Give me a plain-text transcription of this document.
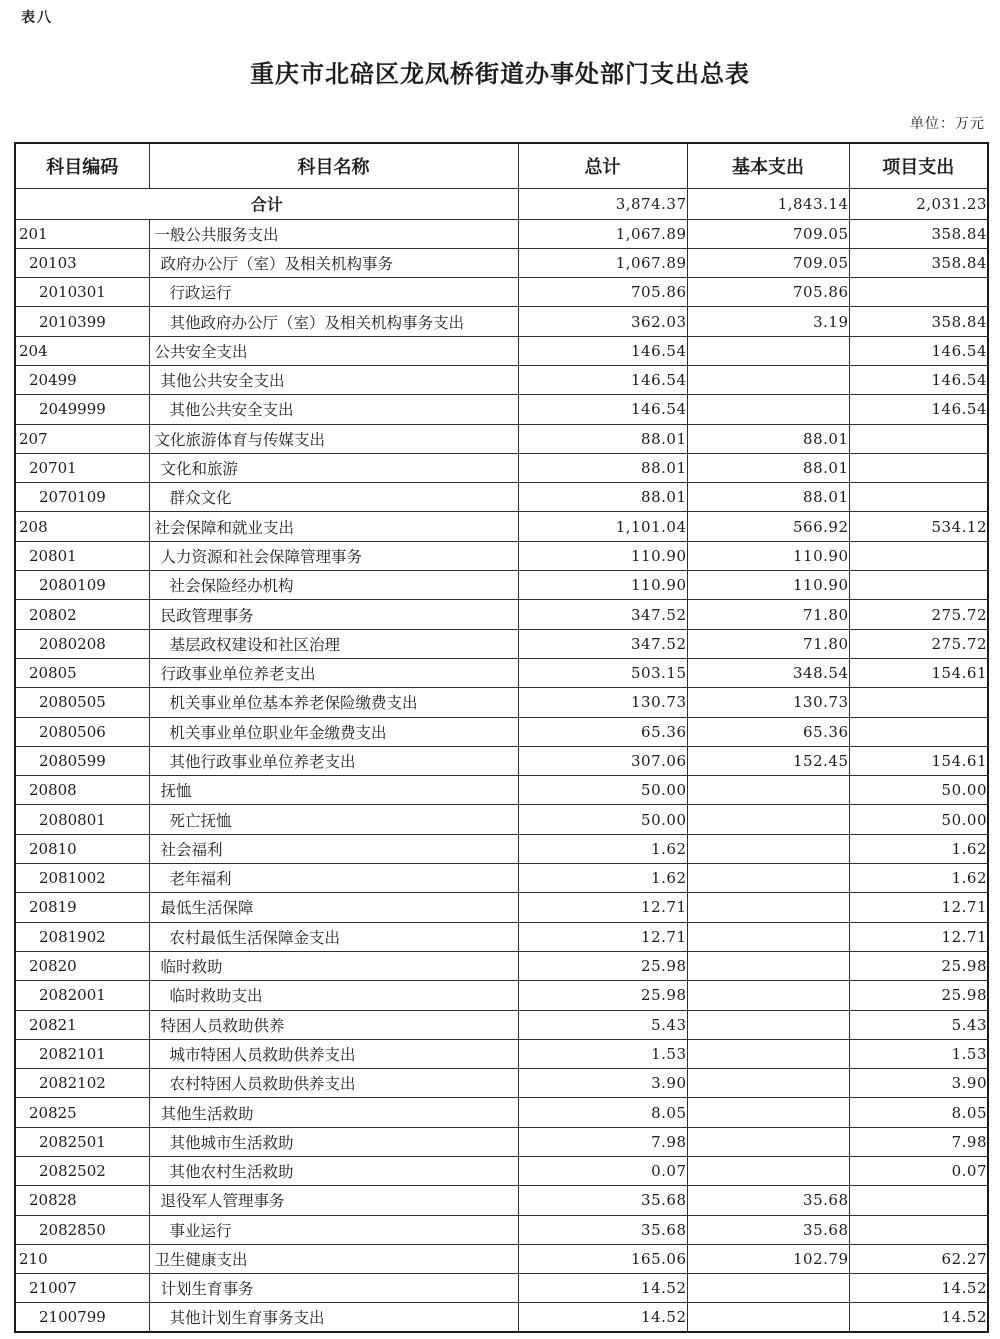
表八
重庆市北碚区龙凤桥街道办事处部门支出总表
单位：万元
科目编码	科目名称	总计	基本支出	项目支出
合计		3,874.37	1,843.14	2,031.23
201	一般公共服务支出	1,067.89	709.05	358.84
20103	政府办公厅（室）及相关机构事务	1,067.89	709.05	358.84
2010301	行政运行	705.86	705.86	
2010399	其他政府办公厅（室）及相关机构事务支出	362.03	3.19	358.84
204	公共安全支出	146.54		146.54
20499	其他公共安全支出	146.54		146.54
2049999	其他公共安全支出	146.54		146.54
207	文化旅游体育与传媒支出	88.01	88.01	
20701	文化和旅游	88.01	88.01	
2070109	群众文化	88.01	88.01	
208	社会保障和就业支出	1,101.04	566.92	534.12
20801	人力资源和社会保障管理事务	110.90	110.90	
2080109	社会保险经办机构	110.90	110.90	
20802	民政管理事务	347.52	71.80	275.72
2080208	基层政权建设和社区治理	347.52	71.80	275.72
20805	行政事业单位养老支出	503.15	348.54	154.61
2080505	机关事业单位基本养老保险缴费支出	130.73	130.73	
2080506	机关事业单位职业年金缴费支出	65.36	65.36	
2080599	其他行政事业单位养老支出	307.06	152.45	154.61
20808	抚恤	50.00		50.00
2080801	死亡抚恤	50.00		50.00
20810	社会福利	1.62		1.62
2081002	老年福利	1.62		1.62
20819	最低生活保障	12.71		12.71
2081902	农村最低生活保障金支出	12.71		12.71
20820	临时救助	25.98		25.98
2082001	临时救助支出	25.98		25.98
20821	特困人员救助供养	5.43		5.43
2082101	城市特困人员救助供养支出	1.53		1.53
2082102	农村特困人员救助供养支出	3.90		3.90
20825	其他生活救助	8.05		8.05
2082501	其他城市生活救助	7.98		7.98
2082502	其他农村生活救助	0.07		0.07
20828	退役军人管理事务	35.68	35.68	
2082850	事业运行	35.68	35.68	
210	卫生健康支出	165.06	102.79	62.27
21007	计划生育事务	14.52		14.52
2100799	其他计划生育事务支出	14.52		14.52
